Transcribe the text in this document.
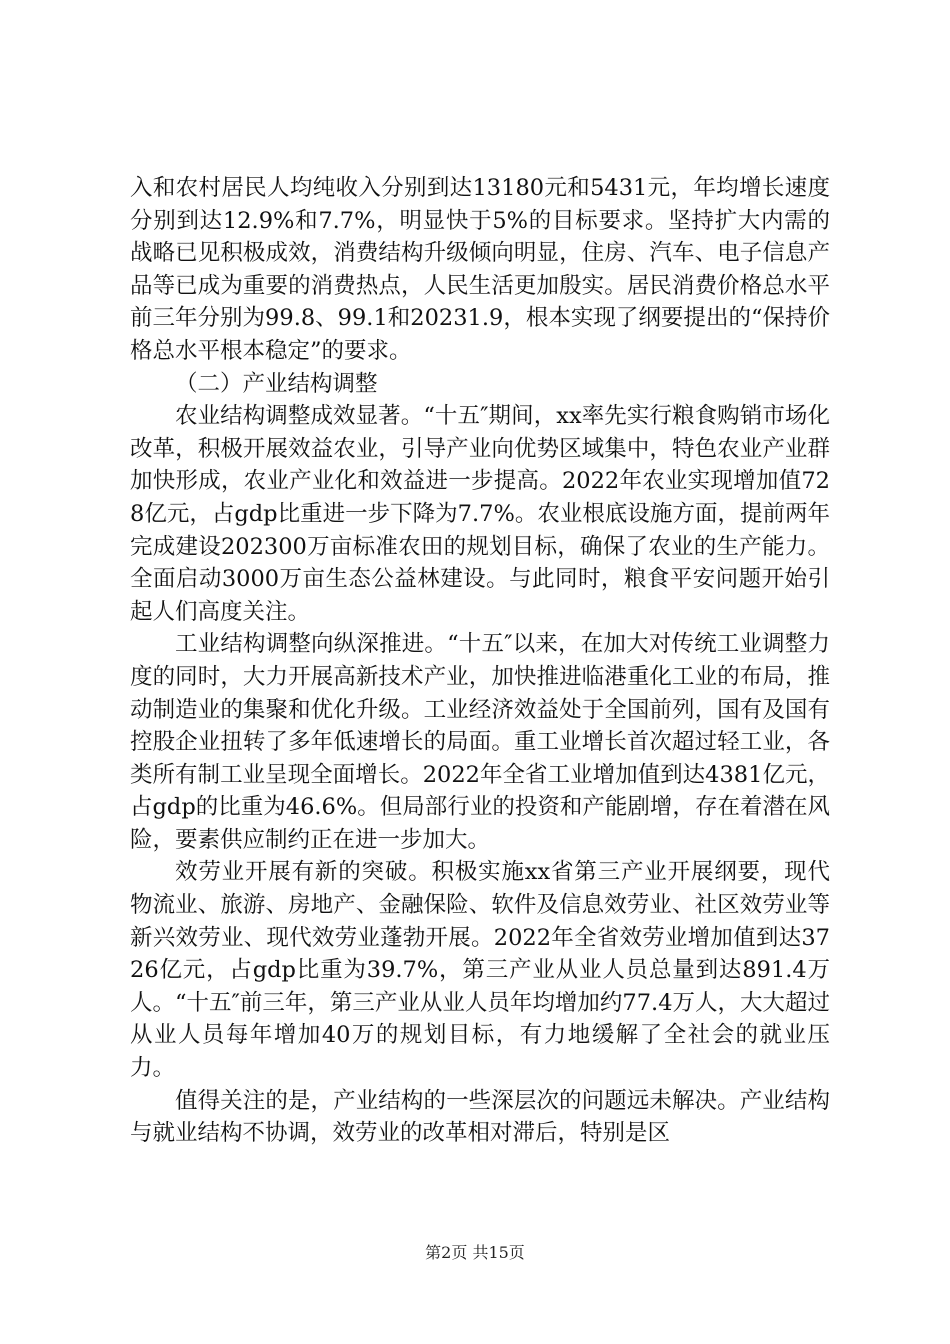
入和农村居民人均纯收入分别到达13180元和5431元，年均增长速度分别到达12.9%和7.7%，明显快于5%的目标要求。坚持扩大内需的战略已见积极成效，消费结构升级倾向明显，住房、汽车、电子信息产品等已成为重要的消费热点，人民生活更加殷实。居民消费价格总水平前三年分别为99.8、99.1和20231.9，根本实现了纲要提出的“保持价格总水平根本稳定”的要求。

（二）产业结构调整

农业结构调整成效显著。“十五″期间，xx率先实行粮食购销市场化改革，积极开展效益农业，引导产业向优势区域集中，特色农业产业群加快形成，农业产业化和效益进一步提高。2022年农业实现增加值728亿元，占gdp比重进一步下降为7.7%。农业根底设施方面，提前两年完成建设202300万亩标准农田的规划目标，确保了农业的生产能力。全面启动3000万亩生态公益林建设。与此同时，粮食平安问题开始引起人们高度关注。

工业结构调整向纵深推进。“十五″以来，在加大对传统工业调整力度的同时，大力开展高新技术产业，加快推进临港重化工业的布局，推动制造业的集聚和优化升级。工业经济效益处于全国前列，国有及国有控股企业扭转了多年低速增长的局面。重工业增长首次超过轻工业，各类所有制工业呈现全面增长。2022年全省工业增加值到达4381亿元，占gdp的比重为46.6%。但局部行业的投资和产能剧增，存在着潜在风险，要素供应制约正在进一步加大。

效劳业开展有新的突破。积极实施xx省第三产业开展纲要，现代物流业、旅游、房地产、金融保险、软件及信息效劳业、社区效劳业等新兴效劳业、现代效劳业蓬勃开展。2022年全省效劳业增加值到达3726亿元，占gdp比重为39.7%，第三产业从业人员总量到达891.4万人。“十五″前三年，第三产业从业人员年均增加约77.4万人，大大超过从业人员每年增加40万的规划目标，有力地缓解了全社会的就业压力。

值得关注的是，产业结构的一些深层次的问题远未解决。产业结构与就业结构不协调，效劳业的改革相对滞后，特别是区

第2页 共15页
